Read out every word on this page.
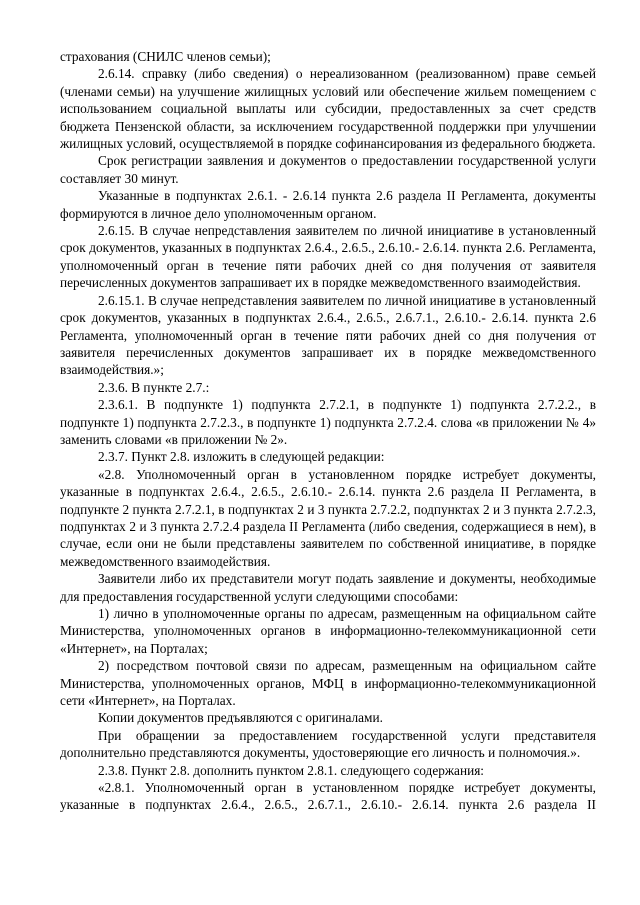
страхования (СНИЛС членов семьи);

2.6.14. справку (либо сведения) о нереализованном (реализованном) праве семьей (членами семьи) на улучшение жилищных условий или обеспечение жильем помещением с использованием социальной выплаты или субсидии, предоставленных за счет средств бюджета Пензенской области, за исключением государственной поддержки при улучшении жилищных условий, осуществляемой в порядке софинансирования из федерального бюджета.

Срок регистрации заявления и документов о предоставлении государственной услуги составляет 30 минут.

Указанные в подпунктах 2.6.1. - 2.6.14 пункта 2.6 раздела II Регламента, документы формируются в личное дело уполномоченным органом.

2.6.15. В случае непредставления заявителем по личной инициативе в установленный срок документов, указанных в подпунктах 2.6.4., 2.6.5., 2.6.10.- 2.6.14. пункта 2.6. Регламента, уполномоченный орган в течение пяти рабочих дней со дня получения от заявителя перечисленных документов запрашивает их в порядке межведомственного взаимодействия.

2.6.15.1. В случае непредставления заявителем по личной инициативе в установленный срок документов, указанных в подпунктах 2.6.4., 2.6.5., 2.6.7.1., 2.6.10.- 2.6.14. пункта 2.6 Регламента, уполномоченный орган в течение пяти рабочих дней со дня получения от заявителя перечисленных документов запрашивает их в порядке межведомственного взаимодействия.»;

2.3.6. В пункте 2.7.:

2.3.6.1. В подпункте 1) подпункта 2.7.2.1, в подпункте 1) подпункта 2.7.2.2., в подпункте 1) подпункта 2.7.2.3., в подпункте 1) подпункта 2.7.2.4. слова «в приложении № 4» заменить словами «в приложении № 2».

2.3.7. Пункт 2.8. изложить в следующей редакции:

«2.8. Уполномоченный орган в установленном порядке истребует документы, указанные в подпунктах 2.6.4., 2.6.5., 2.6.10.- 2.6.14. пункта 2.6 раздела II Регламента, в подпункте 2 пункта 2.7.2.1, в подпунктах 2 и 3 пункта 2.7.2.2, подпунктах 2 и 3 пункта 2.7.2.3, подпунктах 2 и 3 пункта 2.7.2.4 раздела II Регламента (либо сведения, содержащиеся в нем), в случае, если они не были представлены заявителем по собственной инициативе, в порядке межведомственного взаимодействия.

Заявители либо их представители могут подать заявление и документы, необходимые для предоставления государственной услуги следующими способами:

1) лично в уполномоченные органы по адресам, размещенным на официальном сайте Министерства, уполномоченных органов в информационно-телекоммуникационной сети «Интернет», на Порталах;

2) посредством почтовой связи по адресам, размещенным на официальном сайте Министерства, уполномоченных органов, МФЦ в информационно-телекоммуникационной сети «Интернет», на Порталах.

Копии документов предъявляются с оригиналами.

При обращении за предоставлением государственной услуги представителя дополнительно представляются документы, удостоверяющие его личность и полномочия.».

2.3.8. Пункт 2.8. дополнить пунктом 2.8.1. следующего содержания:

«2.8.1. Уполномоченный орган в установленном порядке истребует документы, указанные в подпунктах 2.6.4., 2.6.5., 2.6.7.1., 2.6.10.- 2.6.14. пункта 2.6 раздела II
